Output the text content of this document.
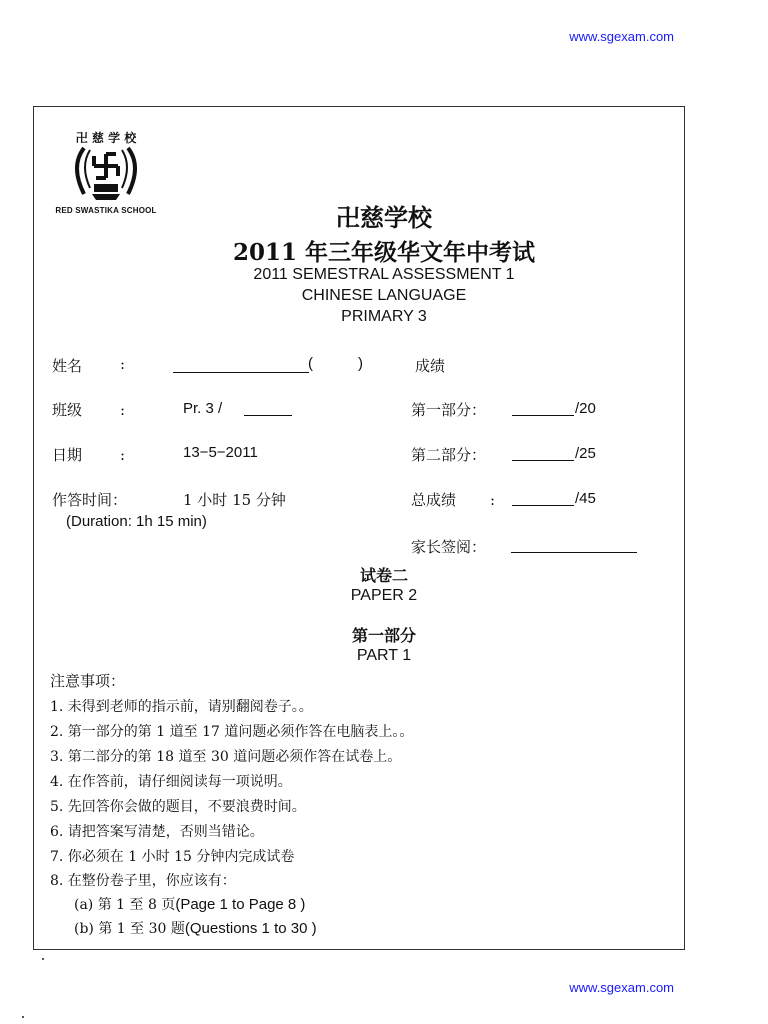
www.sgexam.com
卍 慈 学 校
RED SWASTIKA SCHOOL	卍慈学校
2011 年三年级华文年中考试
2011 SEMESTRAL ASSESSMENT 1
CHINESE LANGUAGE
PRIMARY 3
姓名	:	(	)	成绩
班级	:	Pr. 3 /	第一部分：	/20
日期	:	13−5−2011	第二部分：	/25
作答时间：	1 小时 15 分钟	总成绩 :	/45
(Duration: 1h 15 min)
家长签阅：
试卷二
PAPER 2
第一部分
PART 1
注意事项：
1. 未得到老师的指示前，请别翻阅卷子。。
2. 第一部分的第 1 道至 17 道问题必须作答在电脑表上。。
3. 第二部分的第 18 道至 30 道问题必须作答在试卷上。
4. 在作答前，请仔细阅读每一项说明。
5. 先回答你会做的题目，不要浪费时间。
6. 请把答案写清楚，否则当错论。
7. 你必须在 1 小时 15 分钟内完成试卷
8. 在整份卷子里，你应该有：
(a) 第 1 至 8 页(Page 1 to Page 8 )
(b) 第 1 至 30 题(Questions 1 to 30 )
www.sgexam.com
